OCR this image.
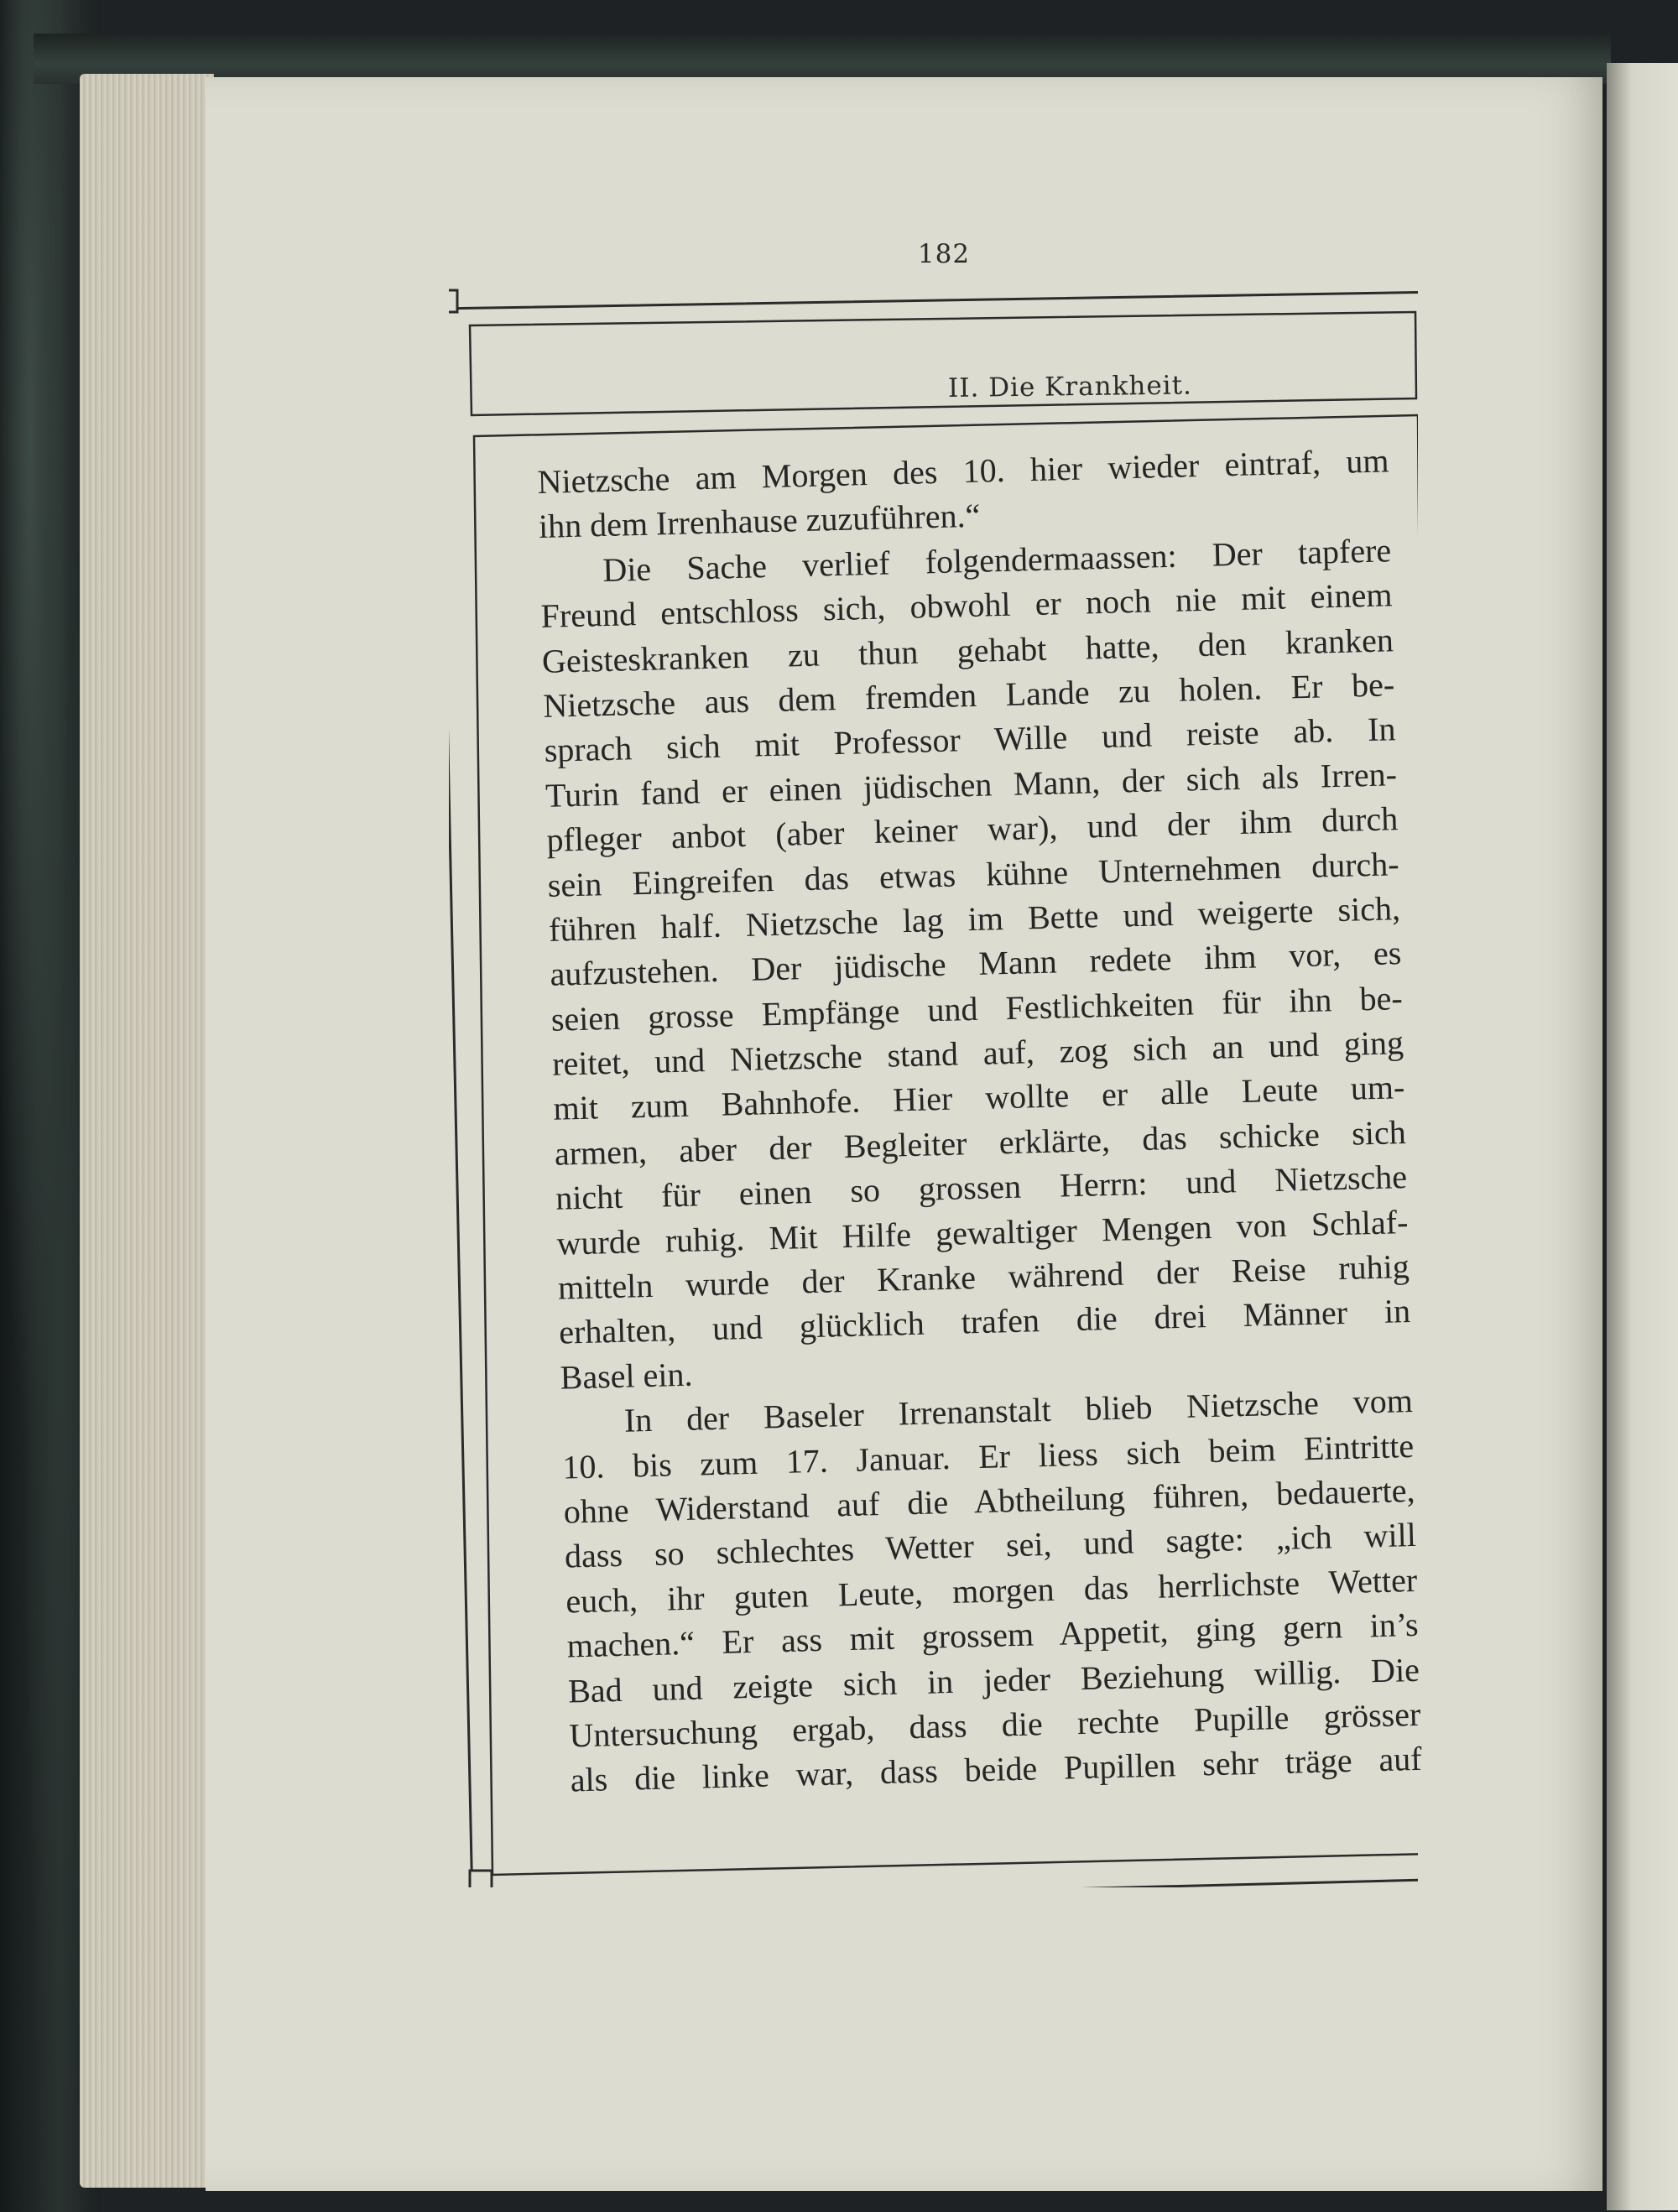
182
Nietzsche am Morgen des 10. hier wieder eintraf, um
ihn dem Irrenhause zuzuführen.“
Die Sache verlief folgendermaassen: Der tapfere
Freund entschloss sich, obwohl er noch nie mit einem
Geisteskranken zu thun gehabt hatte, den kranken
Nietzsche aus dem fremden Lande zu holen. Er be-
sprach sich mit Professor Wille und reiste ab. In
Turin fand er einen jüdischen Mann, der sich als Irren-
pfleger anbot (aber keiner war), und der ihm durch
sein Eingreifen das etwas kühne Unternehmen durch-
führen half. Nietzsche lag im Bette und weigerte sich,
aufzustehen. Der jüdische Mann redete ihm vor, es
seien grosse Empfänge und Festlichkeiten für ihn be-
reitet, und Nietzsche stand auf, zog sich an und ging
mit zum Bahnhofe. Hier wollte er alle Leute um-
armen, aber der Begleiter erklärte, das schicke sich
nicht für einen so grossen Herrn: und Nietzsche
wurde ruhig. Mit Hilfe gewaltiger Mengen von Schlaf-
mitteln wurde der Kranke während der Reise ruhig
erhalten, und glücklich trafen die drei Männer in
Basel ein.
In der Baseler Irrenanstalt blieb Nietzsche vom
10. bis zum 17. Januar. Er liess sich beim Eintritte
ohne Widerstand auf die Abtheilung führen, bedauerte,
dass so schlechtes Wetter sei, und sagte: „ich will
euch, ihr guten Leute, morgen das herrlichste Wetter
machen.“ Er ass mit grossem Appetit, ging gern in’s
Bad und zeigte sich in jeder Beziehung willig. Die
Untersuchung ergab, dass die rechte Pupille grösser
als die linke war, dass beide Pupillen sehr träge auf
